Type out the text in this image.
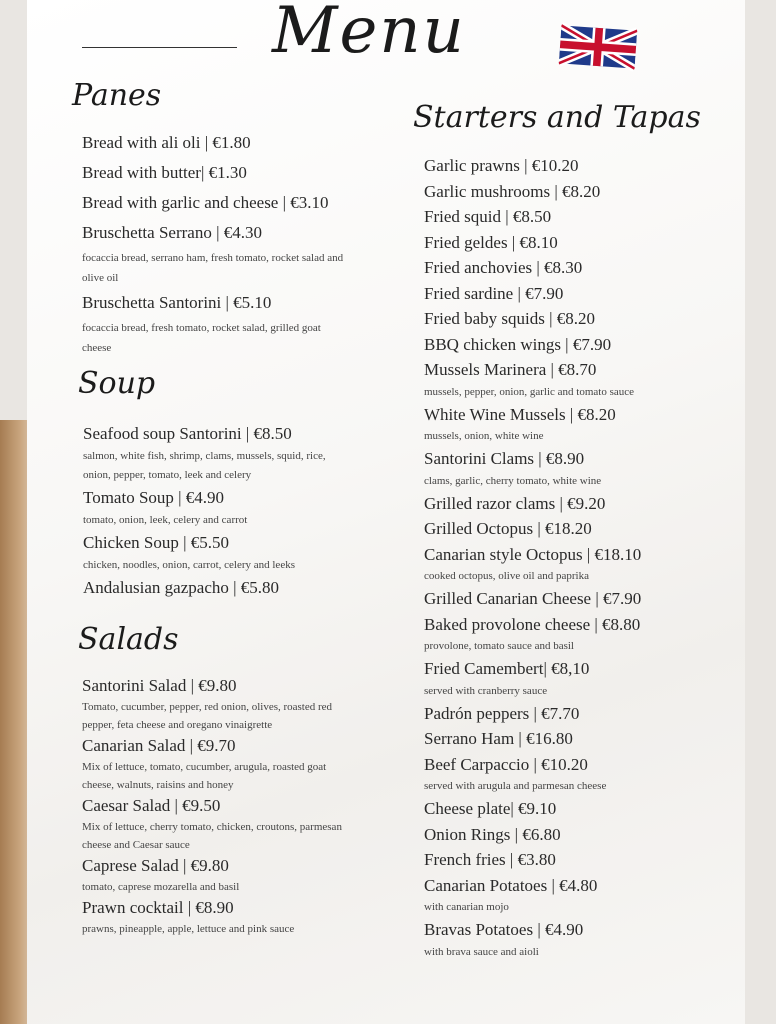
Menu
Panes
Bread with ali oli | €1.80
Bread with butter| €1.30
Bread with garlic and cheese | €3.10
Bruschetta Serrano | €4.30
focaccia bread, serrano ham, fresh tomato, rocket salad and olive oil
Bruschetta Santorini | €5.10
focaccia bread, fresh tomato, rocket salad, grilled goat cheese
Soup
Seafood soup Santorini | €8.50
salmon, white fish, shrimp, clams, mussels, squid, rice, onion, pepper, tomato, leek and celery
Tomato Soup | €4.90
tomato, onion, leek, celery and carrot
Chicken Soup | €5.50
chicken, noodles, onion, carrot, celery and leeks
Andalusian gazpacho | €5.80
Salads
Santorini Salad | €9.80
Tomato, cucumber, pepper, red onion, olives, roasted red pepper, feta cheese and oregano vinaigrette
Canarian Salad | €9.70
Mix of lettuce, tomato, cucumber, arugula, roasted goat cheese, walnuts, raisins and honey
Caesar Salad | €9.50
Mix of lettuce, cherry tomato, chicken, croutons, parmesan cheese and Caesar sauce
Caprese Salad | €9.80
tomato, caprese mozarella and basil
Prawn cocktail | €8.90
prawns, pineapple, apple, lettuce and pink sauce
Starters and Tapas
Garlic prawns | €10.20
Garlic mushrooms | €8.20
Fried squid | €8.50
Fried geldes | €8.10
Fried anchovies | €8.30
Fried sardine | €7.90
Fried baby squids | €8.20
BBQ chicken wings | €7.90
Mussels Marinera | €8.70
mussels, pepper, onion, garlic and tomato sauce
White Wine Mussels | €8.20
mussels, onion, white wine
Santorini Clams | €8.90
clams, garlic, cherry tomato, white wine
Grilled razor clams | €9.20
Grilled Octopus | €18.20
Canarian style Octopus | €18.10
cooked octopus, olive oil and paprika
Grilled Canarian Cheese | €7.90
Baked provolone cheese | €8.80
provolone, tomato sauce and basil
Fried Camembert| €8,10
served with cranberry sauce
Padrón peppers | €7.70
Serrano Ham | €16.80
Beef Carpaccio | €10.20
served with arugula and parmesan cheese
Cheese plate| €9.10
Onion Rings | €6.80
French fries | €3.80
Canarian Potatoes | €4.80
with canarian mojo
Bravas Potatoes | €4.90
with brava sauce and aioli
